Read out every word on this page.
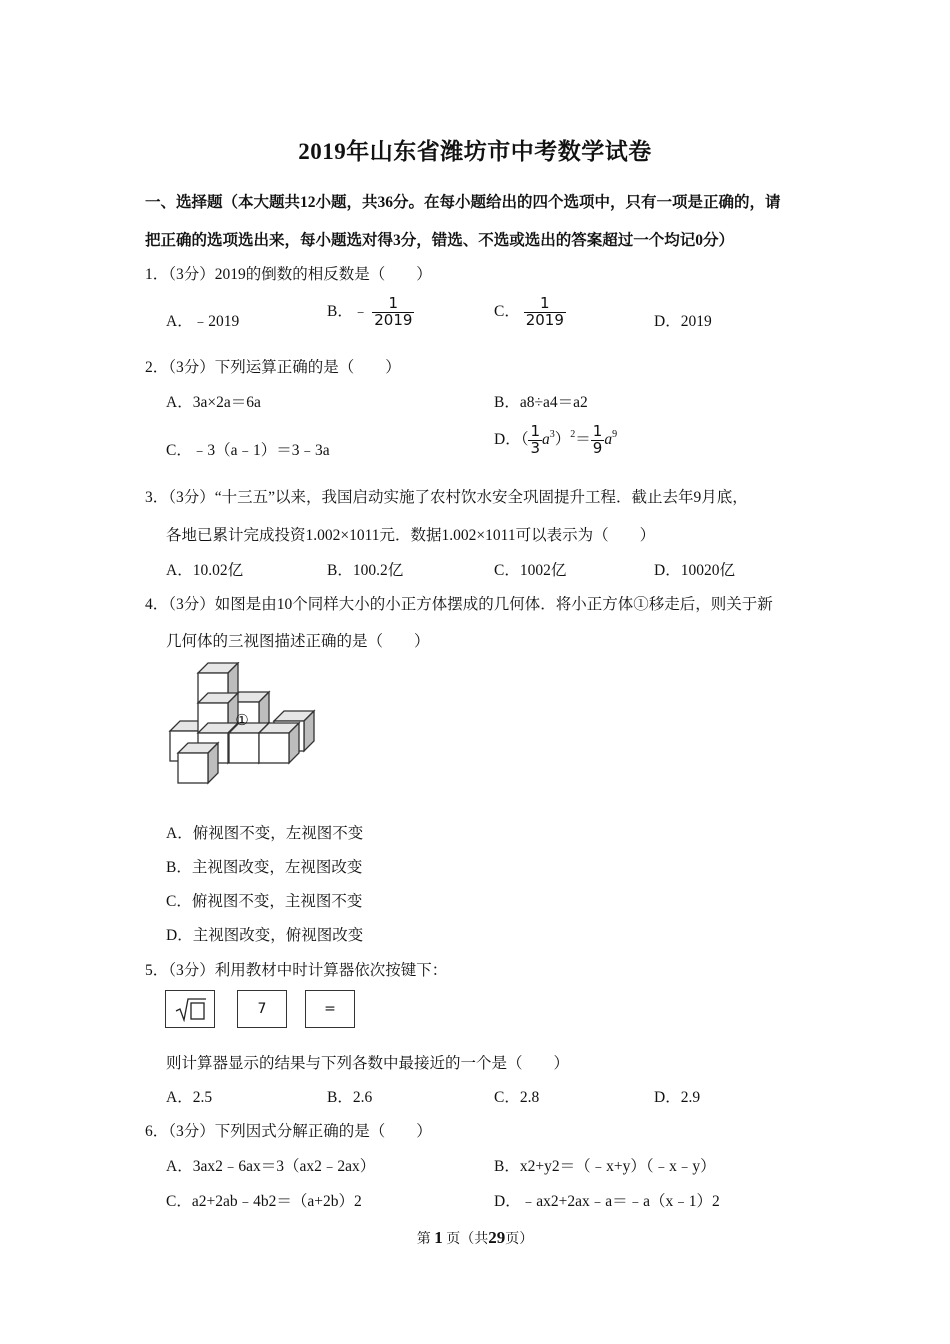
2019年山东省潍坊市中考数学试卷
一、选择题（本大题共12小题，共36分。在每小题给出的四个选项中，只有一项是正确的，请
把正确的选项选出来，每小题选对得3分，错选、不选或选出的答案超过一个均记0分）
1．（3分）2019的倒数的相反数是（　　）
A．﹣2019
B．﹣ $\frac{1}{2019}$	C． $\frac{1}{2019}$	D．2019
2．（3分）下列运算正确的是（　　）
A．3a×2a＝6a	B．a8÷a4＝a2
C．﹣3（a﹣1）＝3﹣3a
D．（ $\frac{1}{3} a^3)^2= \frac{1}{9} a^9$
3．（3分）“十三五”以来，我国启动实施了农村饮水安全巩固提升工程．截止去年9月底，
各地已累计完成投资1.002×1011元．数据1.002×1011可以表示为（　　）
A．10.02亿	B．100.2亿	C．1002亿	D．10020亿
4．（3分）如图是由10个同样大小的小正方体摆成的几何体．将小正方体①移走后，则关于新
几何体的三视图描述正确的是（　　）
①
A．俯视图不变，左视图不变
B．主视图改变，左视图改变
C．俯视图不变，主视图不变
D．主视图改变，俯视图改变
5．（3分）利用教材中时计算器依次按键下：
7	=
则计算器显示的结果与下列各数中最接近的一个是（　　）
A．2.5	B．2.6	C．2.8	D．2.9
6．（3分）下列因式分解正确的是（　　）
A．3ax2﹣6ax＝3（ax2﹣2ax）	B．x2+y2＝（﹣x+y）（﹣x﹣y）
C．a2+2ab﹣4b2＝（a+2b）2	D．﹣ax2+2ax﹣a＝﹣a（x﹣1）2
第 1 页（共29页）
